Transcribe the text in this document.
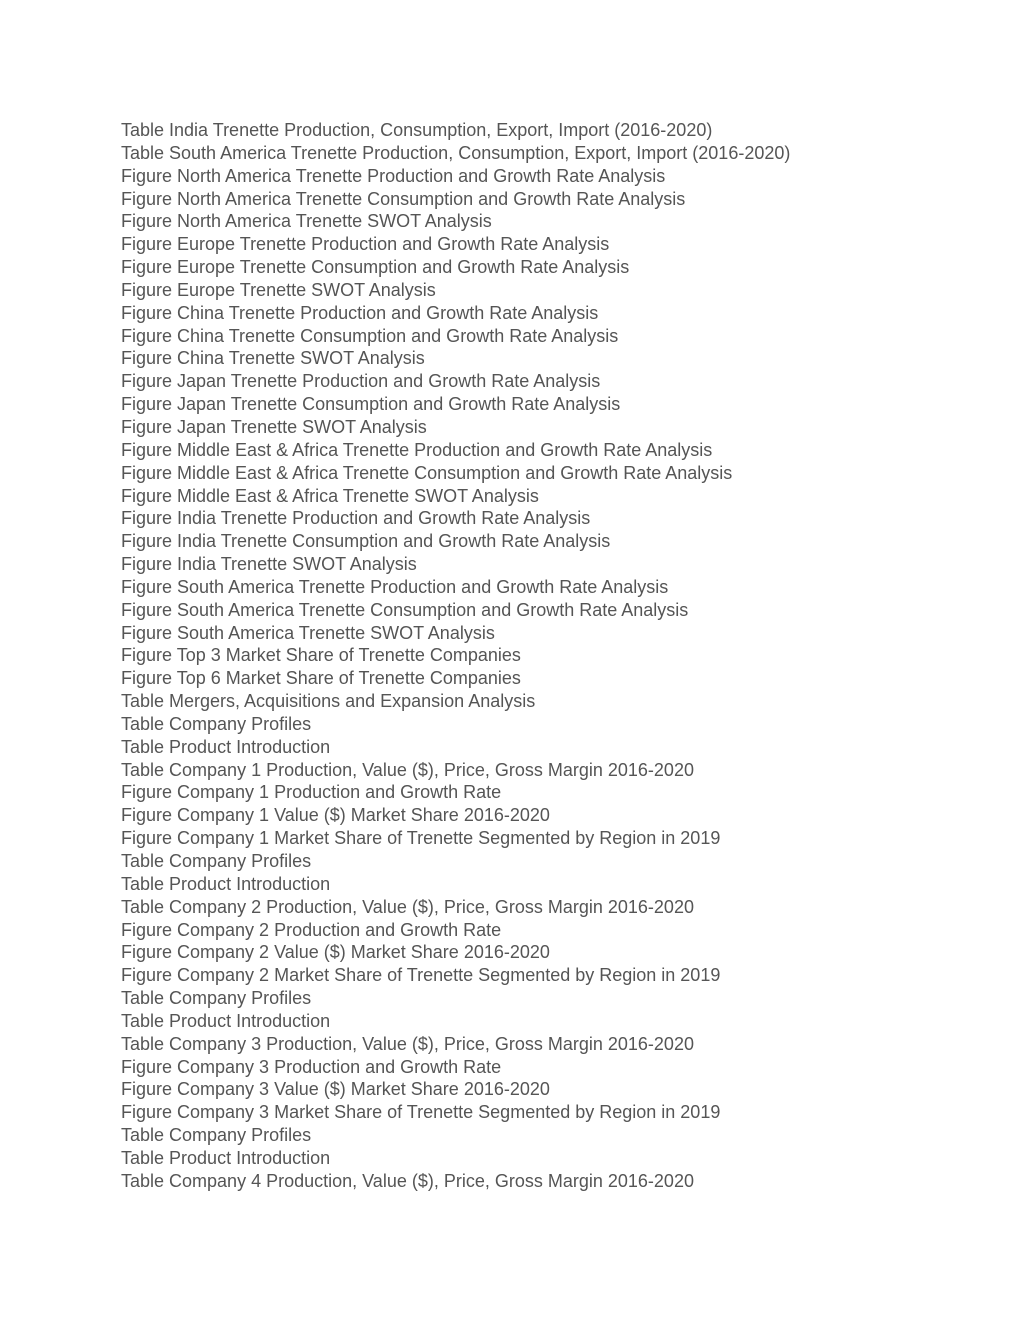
Table India Trenette Production, Consumption, Export, Import (2016-2020)
Table South America Trenette Production, Consumption, Export, Import (2016-2020)
Figure North America Trenette Production and Growth Rate Analysis
Figure North America Trenette Consumption and Growth Rate Analysis
Figure North America Trenette SWOT Analysis
Figure Europe Trenette Production and Growth Rate Analysis
Figure Europe Trenette Consumption and Growth Rate Analysis
Figure Europe Trenette SWOT Analysis
Figure China Trenette Production and Growth Rate Analysis
Figure China Trenette Consumption and Growth Rate Analysis
Figure China Trenette SWOT Analysis
Figure Japan Trenette Production and Growth Rate Analysis
Figure Japan Trenette Consumption and Growth Rate Analysis
Figure Japan Trenette SWOT Analysis
Figure Middle East & Africa Trenette Production and Growth Rate Analysis
Figure Middle East & Africa Trenette Consumption and Growth Rate Analysis
Figure Middle East & Africa Trenette SWOT Analysis
Figure India Trenette Production and Growth Rate Analysis
Figure India Trenette Consumption and Growth Rate Analysis
Figure India Trenette SWOT Analysis
Figure South America Trenette Production and Growth Rate Analysis
Figure South America Trenette Consumption and Growth Rate Analysis
Figure South America Trenette SWOT Analysis
Figure Top 3 Market Share of Trenette Companies
Figure Top 6 Market Share of Trenette Companies
Table Mergers, Acquisitions and Expansion Analysis
Table Company Profiles
Table Product Introduction
Table Company 1 Production, Value ($), Price, Gross Margin 2016-2020
Figure Company 1 Production and Growth Rate
Figure Company 1 Value ($) Market Share 2016-2020
Figure Company 1 Market Share of Trenette Segmented by Region in 2019
Table Company Profiles
Table Product Introduction
Table Company 2 Production, Value ($), Price, Gross Margin 2016-2020
Figure Company 2 Production and Growth Rate
Figure Company 2 Value ($) Market Share 2016-2020
Figure Company 2 Market Share of Trenette Segmented by Region in 2019
Table Company Profiles
Table Product Introduction
Table Company 3 Production, Value ($), Price, Gross Margin 2016-2020
Figure Company 3 Production and Growth Rate
Figure Company 3 Value ($) Market Share 2016-2020
Figure Company 3 Market Share of Trenette Segmented by Region in 2019
Table Company Profiles
Table Product Introduction
Table Company 4 Production, Value ($), Price, Gross Margin 2016-2020
